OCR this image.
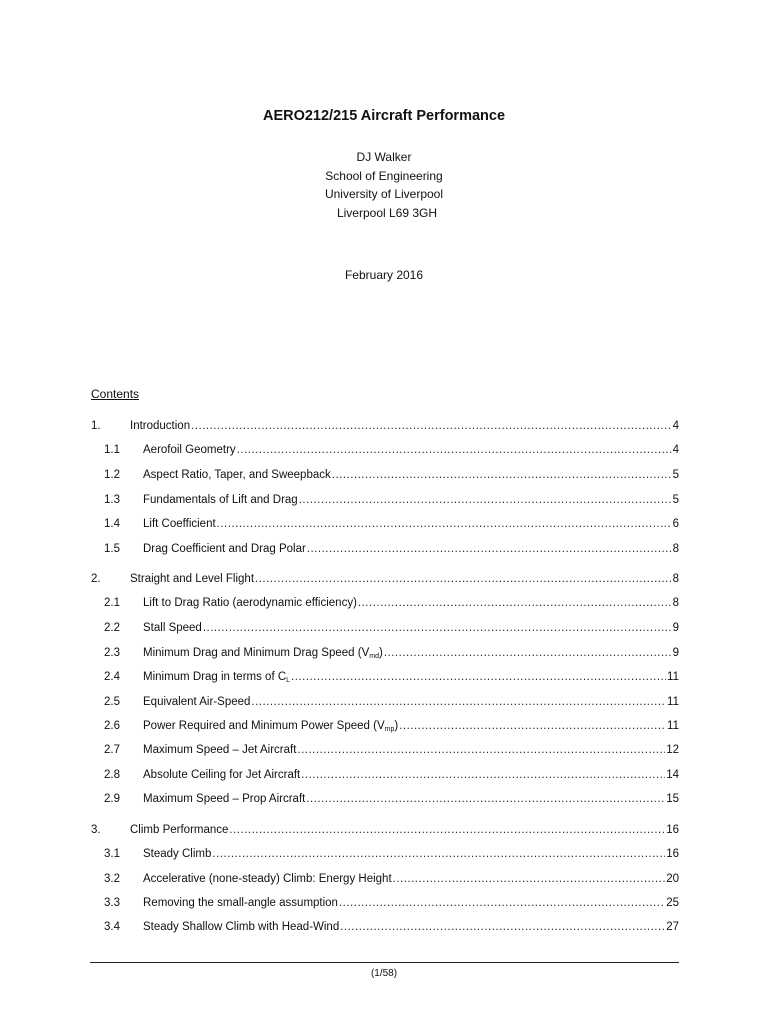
AERO212/215 Aircraft Performance
DJ Walker
School of Engineering
University of Liverpool
Liverpool L69 3GH
February 2016
Contents
1.	Introduction .....	4
1.1	Aerofoil Geometry .....	4
1.2	Aspect Ratio, Taper, and Sweepback .....	5
1.3	Fundamentals of Lift and Drag .....	5
1.4	Lift Coefficient .....	6
1.5	Drag Coefficient and Drag Polar .....	8
2.	Straight and Level Flight .....	8
2.1	Lift to Drag Ratio (aerodynamic efficiency) .....	8
2.2	Stall Speed .....	9
2.3	Minimum Drag and Minimum Drag Speed $(V_{md})$ .....	9
2.4	Minimum Drag in terms of $C_L$ .....	11
2.5	Equivalent Air-Speed .....	11
2.6	Power Required and Minimum Power Speed $(V_{mp})$ .....	11
2.7	Maximum Speed – Jet Aircraft .....	12
2.8	Absolute Ceiling for Jet Aircraft .....	14
2.9	Maximum Speed – Prop Aircraft .....	15
3.	Climb Performance .....	16
3.1	Steady Climb .....	16
3.2	Accelerative (none-steady) Climb: Energy Height .....	20
3.3	Removing the small-angle assumption .....	25
3.4	Steady Shallow Climb with Head-Wind .....	27
(1/58)
